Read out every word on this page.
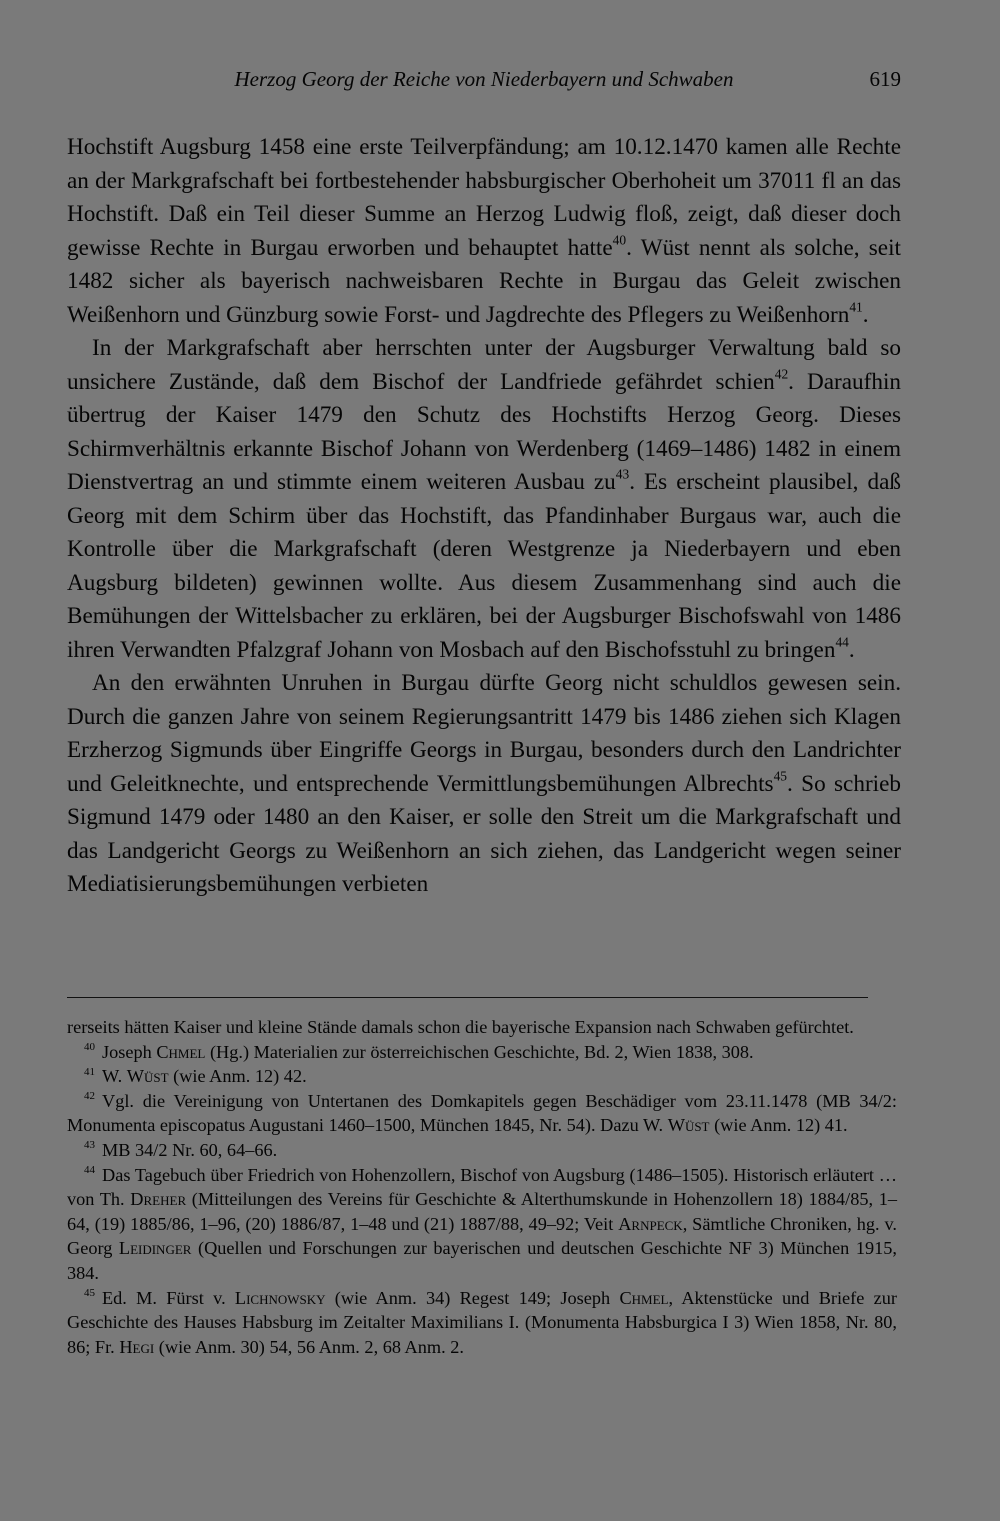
Herzog Georg der Reiche von Niederbayern und Schwaben	619

Hochstift Augsburg 1458 eine erste Teilverpfändung; am 10.12.1470 kamen alle Rechte an der Markgrafschaft bei fortbestehender habsburgischer Oberhoheit um 37011 fl an das Hochstift. Daß ein Teil dieser Summe an Herzog Ludwig floß, zeigt, daß dieser doch gewisse Rechte in Burgau erworben und behauptet hatte$^{40}$. Wüst nennt als solche, seit 1482 sicher als bayerisch nachweisbaren Rechte in Burgau das Geleit zwischen Weißenhorn und Günzburg sowie Forst- und Jagdrechte des Pflegers zu Weißenhorn$^{41}$.

In der Markgrafschaft aber herrschten unter der Augsburger Verwaltung bald so unsichere Zustände, daß dem Bischof der Landfriede gefährdet schien$^{42}$. Daraufhin übertrug der Kaiser 1479 den Schutz des Hochstifts Herzog Georg. Dieses Schirmverhältnis erkannte Bischof Johann von Werdenberg (1469–1486) 1482 in einem Dienstvertrag an und stimmte einem weiteren Ausbau $zu^{43}$. Es erscheint plausibel, daß Georg mit dem Schirm über das Hochstift, das Pfandinhaber Burgaus war, auch die Kontrolle über die Markgrafschaft (deren Westgrenze ja Niederbayern und eben Augsburg bildeten) gewinnen wollte. Aus diesem Zusammenhang sind auch die Bemühungen der Wittelsbacher zu erklären, bei der Augsburger Bischofswahl von 1486 ihren Verwandten Pfalzgraf Johann von Mosbach auf den Bischofsstuhl zu bringen$^{44}$.

An den erwähnten Unruhen in Burgau dürfte Georg nicht schuldlos gewesen sein. Durch die ganzen Jahre von seinem Regierungsantritt 1479 bis 1486 ziehen sich Klagen Erzherzog Sigmunds über Eingriffe Georgs in Burgau, besonders durch den Landrichter und Geleitknechte, und entsprechende Vermittlungsbemühungen Albrechts$^{45}$. So schrieb Sigmund 1479 oder 1480 an den Kaiser, er solle den Streit um die Markgrafschaft und das Landgericht Georgs zu Weißenhorn an sich ziehen, das Landgericht wegen seiner Mediatisierungsbemühungen verbieten

rerseits hätten Kaiser und kleine Stände damals schon die bayerische Expansion nach Schwaben gefürchtet.

$^{40}$ Joseph Chmel (Hg.) Materialien zur österreichischen Geschichte, Bd. 2, Wien 1838, 308.

$^{41}$ W. Wüst (wie Anm. 12) 42.

$^{42}$ Vgl. die Vereinigung von Untertanen des Domkapitels gegen Beschädiger vom 23.11.1478 (MB 34/2: Monumenta episcopatus Augustani 1460–1500, München 1845, Nr. 54). Dazu W. Wüst (wie Anm. 12) 41.

$^{43}$ MB 34/2 Nr. 60, 64–66.

$^{44}$ Das Tagebuch über Friedrich von Hohenzollern, Bischof von Augsburg (1486–1505). Historisch erläutert … von Th. Dreher (Mitteilungen des Vereins für Geschichte & Alterthumskunde in Hohenzollern 18) 1884/85, 1–64, (19) 1885/86, 1–96, (20) 1886/87, 1–48 und (21) 1887/88, 49–92; Veit Arnpeck, Sämtliche Chroniken, hg. v. Georg Leidinger (Quellen und Forschungen zur bayerischen und deutschen Geschichte NF 3) München 1915, 384.

$^{45}$ Ed. M. Fürst v. Lichnowsky (wie Anm. 34) Regest 149; Joseph Chmel, Aktenstücke und Briefe zur Geschichte des Hauses Habsburg im Zeitalter Maximilians I. (Monumenta Habsburgica I 3) Wien 1858, Nr. 80, 86; Fr. Hegi (wie Anm. 30) 54, 56 Anm. 2, 68 Anm. 2.
